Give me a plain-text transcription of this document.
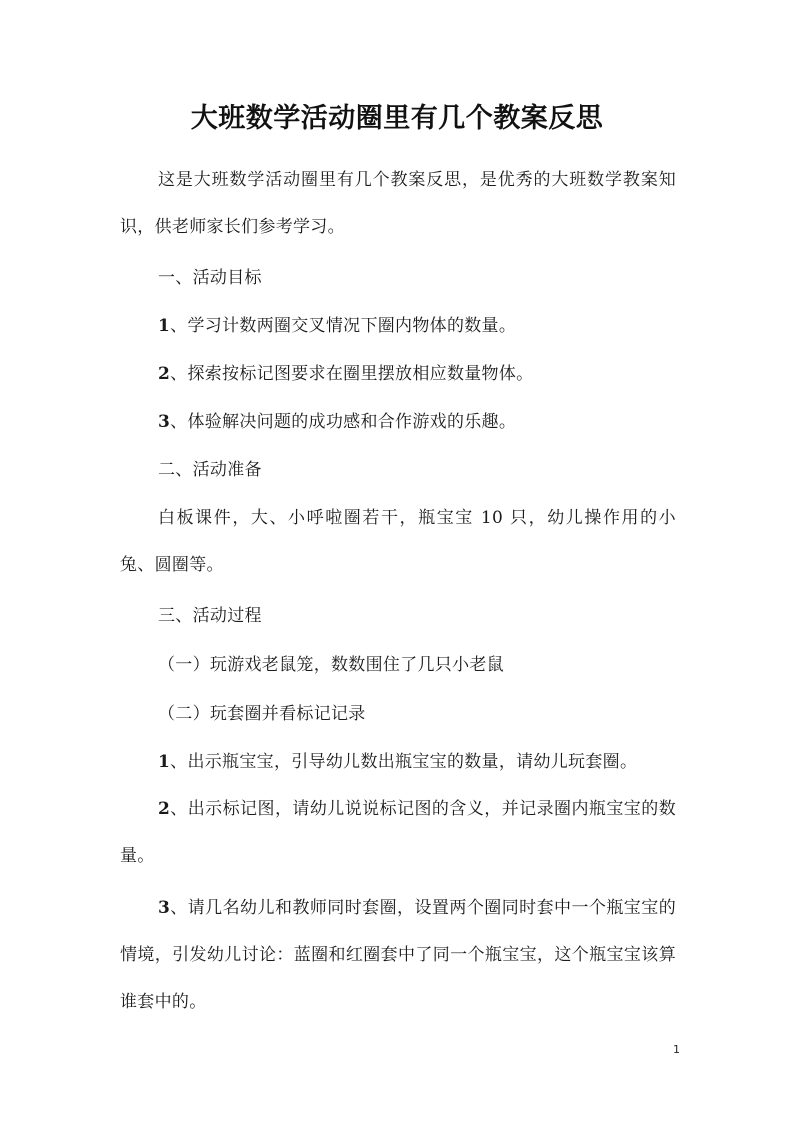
大班数学活动圈里有几个教案反思
这是大班数学活动圈里有几个教案反思，是优秀的大班数学教案知识，供老师家长们参考学习。
一、活动目标
1、学习计数两圈交叉情况下圈内物体的数量。
2、探索按标记图要求在圈里摆放相应数量物体。
3、体验解决问题的成功感和合作游戏的乐趣。
二、活动准备
白板课件，大、小呼啦圈若干，瓶宝宝 10 只，幼儿操作用的小兔、圆圈等。
三、活动过程
（一）玩游戏老鼠笼，数数围住了几只小老鼠
（二）玩套圈并看标记记录
1、出示瓶宝宝，引导幼儿数出瓶宝宝的数量，请幼儿玩套圈。
2、出示标记图，请幼儿说说标记图的含义，并记录圈内瓶宝宝的数量。
3、请几名幼儿和教师同时套圈，设置两个圈同时套中一个瓶宝宝的情境，引发幼儿讨论：蓝圈和红圈套中了同一个瓶宝宝，这个瓶宝宝该算谁套中的。
1
